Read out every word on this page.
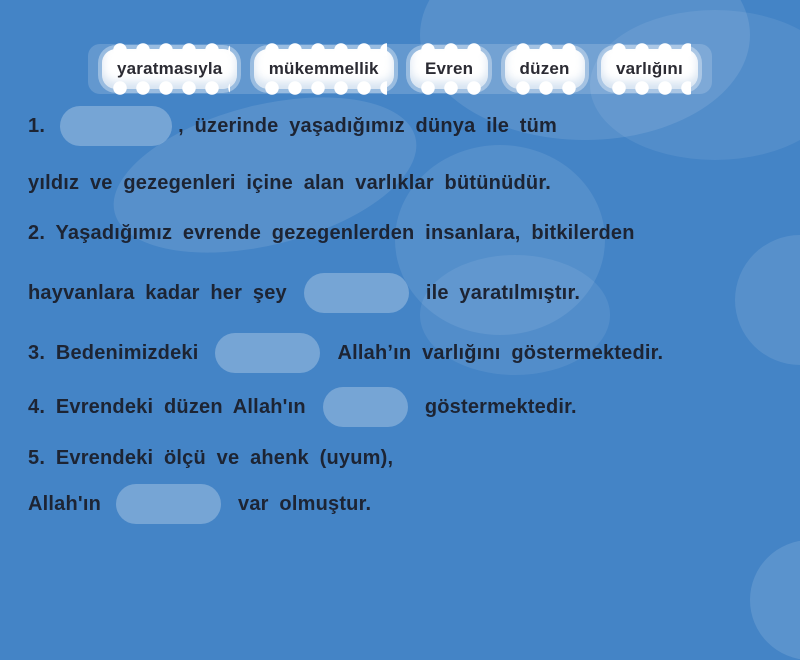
yaratmasıyla	mükemmellik	Evren	düzen	varlığını
1.	, üzerinde yaşadığımız dünya ile tüm
yıldız ve gezegenleri içine alan varlıklar bütünüdür.
2. Yaşadığımız evrende gezegenlerden insanlara, bitkilerden
hayvanlara kadar her şey	ile yaratılmıştır.
3. Bedenimizdeki	Allahʼın varlığını göstermektedir.
4. Evrendeki düzen Allah'ın	göstermektedir.
5. Evrendeki ölçü ve ahenk (uyum),
Allah'ın	var olmuştur.
